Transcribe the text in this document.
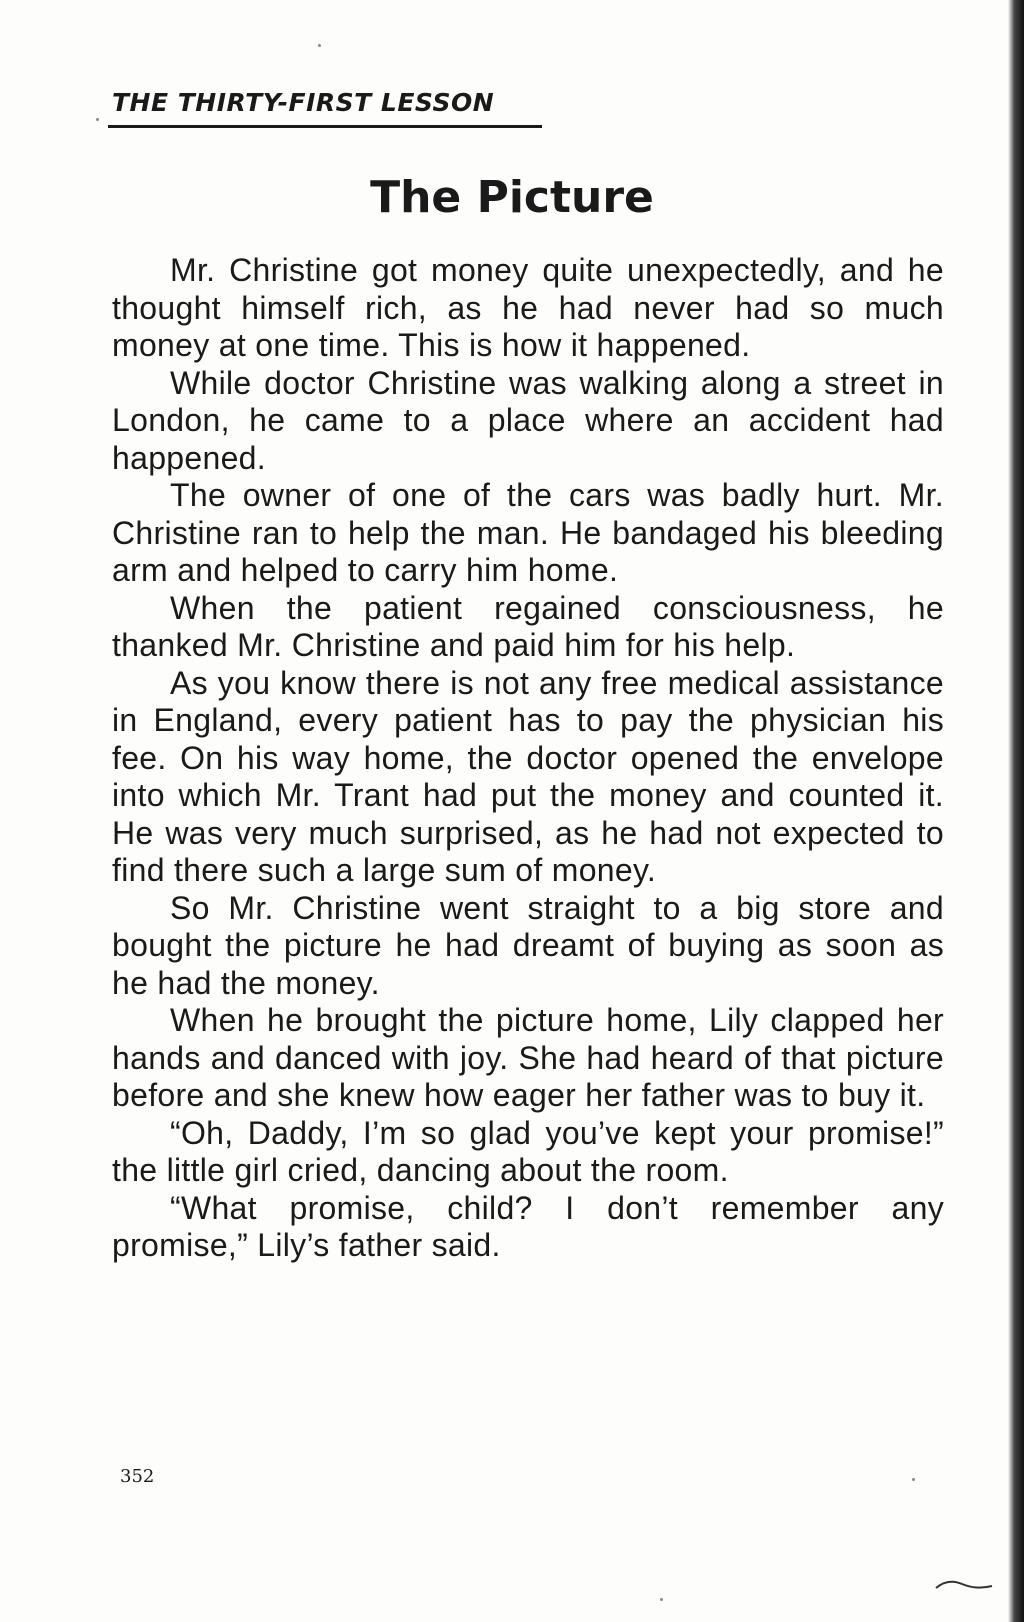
THE THIRTY-FIRST LESSON
The Picture

Mr. Christine got money quite unexpectedly, and he thought himself rich, as he had never had so much money at one time. This is how it happened.

While doctor Christine was walking along a street in London, he came to a place where an accident had happened.

The owner of one of the cars was badly hurt. Mr. Christine ran to help the man. He bandaged his bleeding arm and helped to carry him home.

When the patient regained consciousness, he thanked Mr. Christine and paid him for his help.

As you know there is not any free medical assistance in England, every patient has to pay the physician his fee. On his way home, the doctor opened the envelope into which Mr. Trant had put the money and counted it. He was very much surprised, as he had not expected to find there such a large sum of money.

So Mr. Christine went straight to a big store and bought the picture he had dreamt of buying as soon as he had the money.

When he brought the picture home, Lily clapped her hands and danced with joy. She had heard of that picture before and she knew how eager her father was to buy it.

“Oh, Daddy, I’m so glad you’ve kept your promise!” the little girl cried, dancing about the room.

“What promise, child? I don’t remember any promise,” Lily’s father said.

352
